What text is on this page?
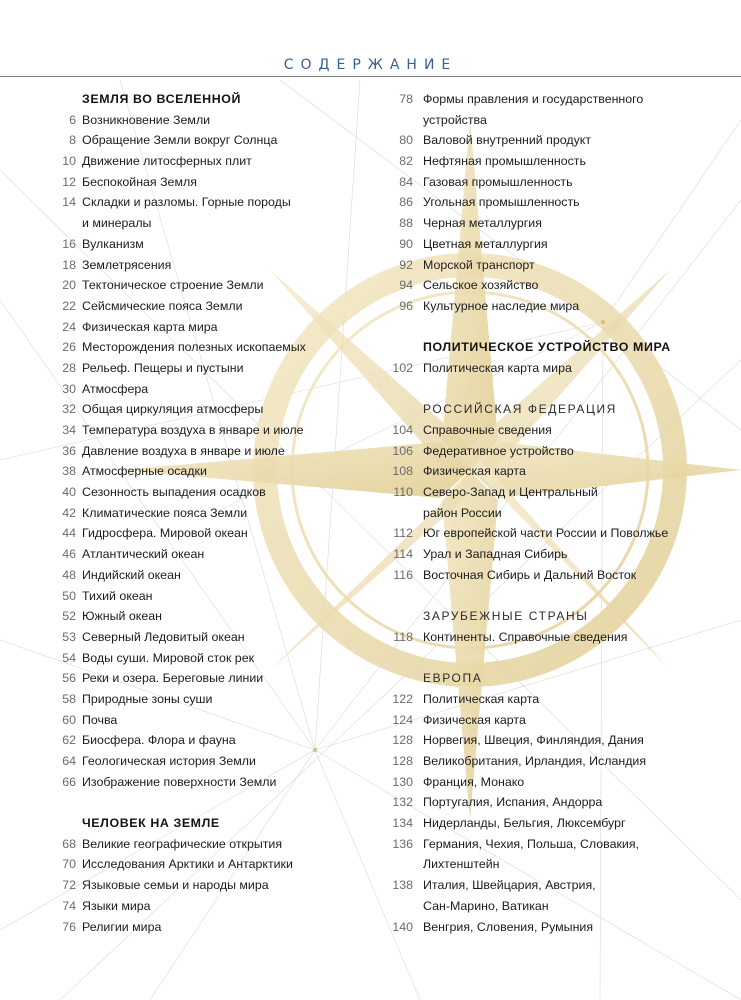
СОДЕРЖАНИЕ
ЗЕМЛЯ ВО ВСЕЛЕННОЙ
6 Возникновение Земли
8 Обращение Земли вокруг Солнца
10 Движение литосферных плит
12 Беспокойная Земля
14 Складки и разломы. Горные породы
и минералы
16 Вулканизм
18 Землетрясения
20 Тектоническое строение Земли
22 Сейсмические пояса Земли
24 Физическая карта мира
26 Месторождения полезных ископаемых
28 Рельеф. Пещеры и пустыни
30 Атмосфера
32 Общая циркуляция атмосферы
34 Температура воздуха в январе и июле
36 Давление воздуха в январе и июле
38 Атмосферные осадки
40 Сезонность выпадения осадков
42 Климатические пояса Земли
44 Гидросфера. Мировой океан
46 Атлантический океан
48 Индийский океан
50 Тихий океан
52 Южный океан
53 Северный Ледовитый океан
54 Воды суши. Мировой сток рек
56 Реки и озера. Береговые линии
58 Природные зоны суши
60 Почва
62 Биосфера. Флора и фауна
64 Геологическая история Земли
66 Изображение поверхности Земли
ЧЕЛОВЕК НА ЗЕМЛЕ
68 Великие географические открытия
70 Исследования Арктики и Антарктики
72 Языковые семьи и народы мира
74 Языки мира
76 Религии мира
78 Формы правления и государственного
устройства
80 Валовой внутренний продукт
82 Нефтяная промышленность
84 Газовая промышленность
86 Угольная промышленность
88 Черная металлургия
90 Цветная металлургия
92 Морской транспорт
94 Сельское хозяйство
96 Культурное наследие мира
ПОЛИТИЧЕСКОЕ УСТРОЙСТВО МИРА
102 Политическая карта мира
РОССИЙСКАЯ ФЕДЕРАЦИЯ
104 Справочные сведения
106 Федеративное устройство
108 Физическая карта
110 Северо-Запад и Центральный
район России
112 Юг европейской части России и Поволжье
114 Урал и Западная Сибирь
116 Восточная Сибирь и Дальний Восток
ЗАРУБЕЖНЫЕ СТРАНЫ
118 Континенты. Справочные сведения
ЕВРОПА
122 Политическая карта
124 Физическая карта
128 Норвегия, Швеция, Финляндия, Дания
128 Великобритания, Ирландия, Исландия
130 Франция, Монако
132 Португалия, Испания, Андорра
134 Нидерланды, Бельгия, Люксембург
136 Германия, Чехия, Польша, Словакия,
Лихтенштейн
138 Италия, Швейцария, Австрия,
Сан-Марино, Ватикан
140 Венгрия, Словения, Румыния
